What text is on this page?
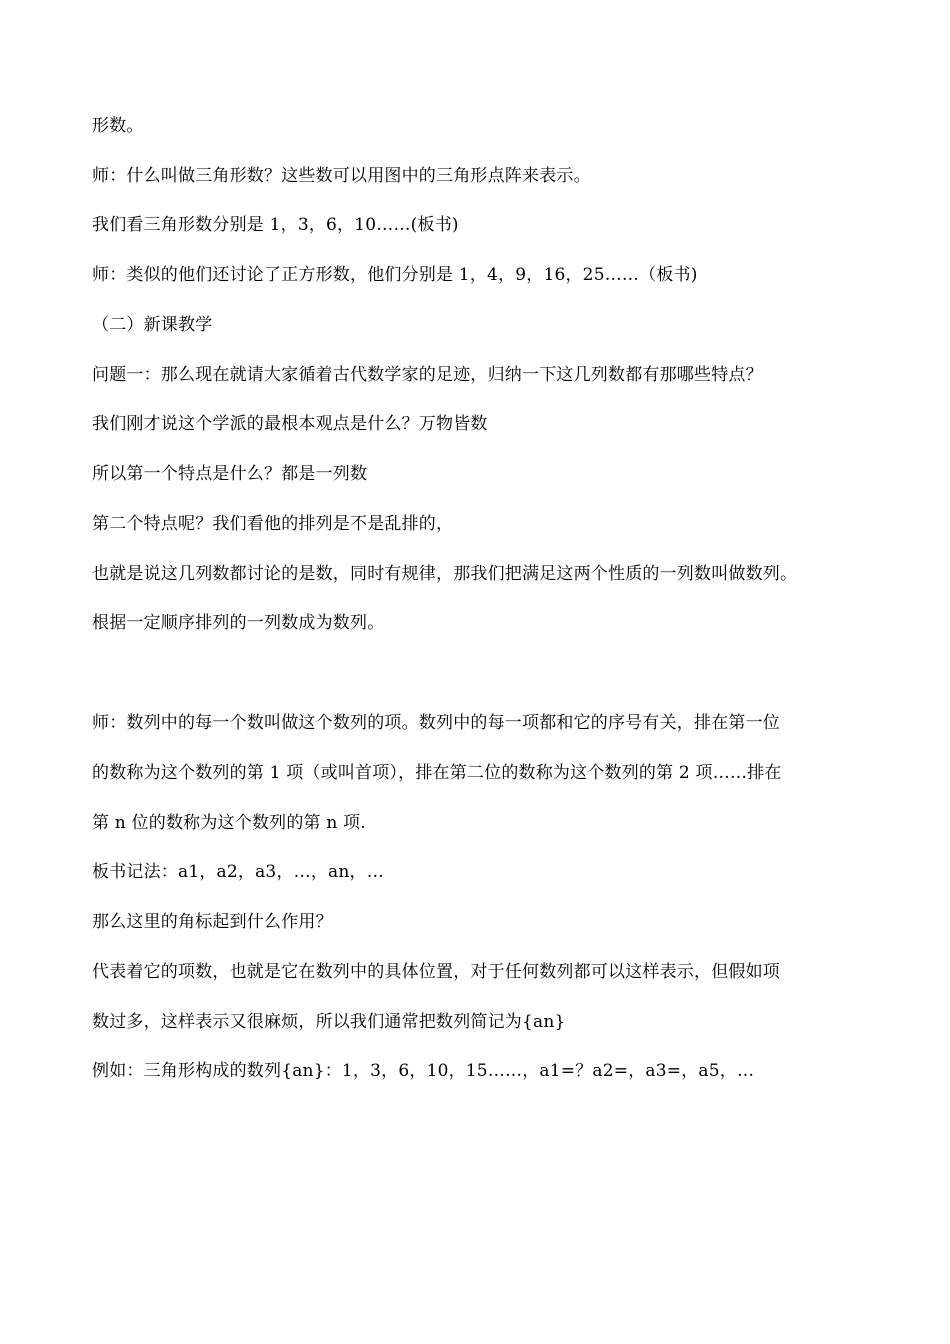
形数。
师：什么叫做三角形数？这些数可以用图中的三角形点阵来表示。
我们看三角形数分别是 1，3，6，10……(板书)
师：类似的他们还讨论了正方形数，他们分别是 1，4，9，16，25……（板书)
（二）新课教学
问题一：那么现在就请大家循着古代数学家的足迹，归纳一下这几列数都有那哪些特点？
我们刚才说这个学派的最根本观点是什么？万物皆数
所以第一个特点是什么？都是一列数
第二个特点呢？我们看他的排列是不是乱排的，
也就是说这几列数都讨论的是数，同时有规律，那我们把满足这两个性质的一列数叫做数列。
根据一定顺序排列的一列数成为数列。
师：数列中的每一个数叫做这个数列的项。数列中的每一项都和它的序号有关，排在第一位
的数称为这个数列的第 1 项（或叫首项），排在第二位的数称为这个数列的第 2 项……排在
第 n 位的数称为这个数列的第 n 项.
板书记法：a1，a2，a3，…，an，…
那么这里的角标起到什么作用？
代表着它的项数，也就是它在数列中的具体位置，对于任何数列都可以这样表示，但假如项
数过多，这样表示又很麻烦，所以我们通常把数列简记为{an}
例如：三角形构成的数列{an}：1，3，6，10，15……，a1=？a2=，a3=，a5，…
